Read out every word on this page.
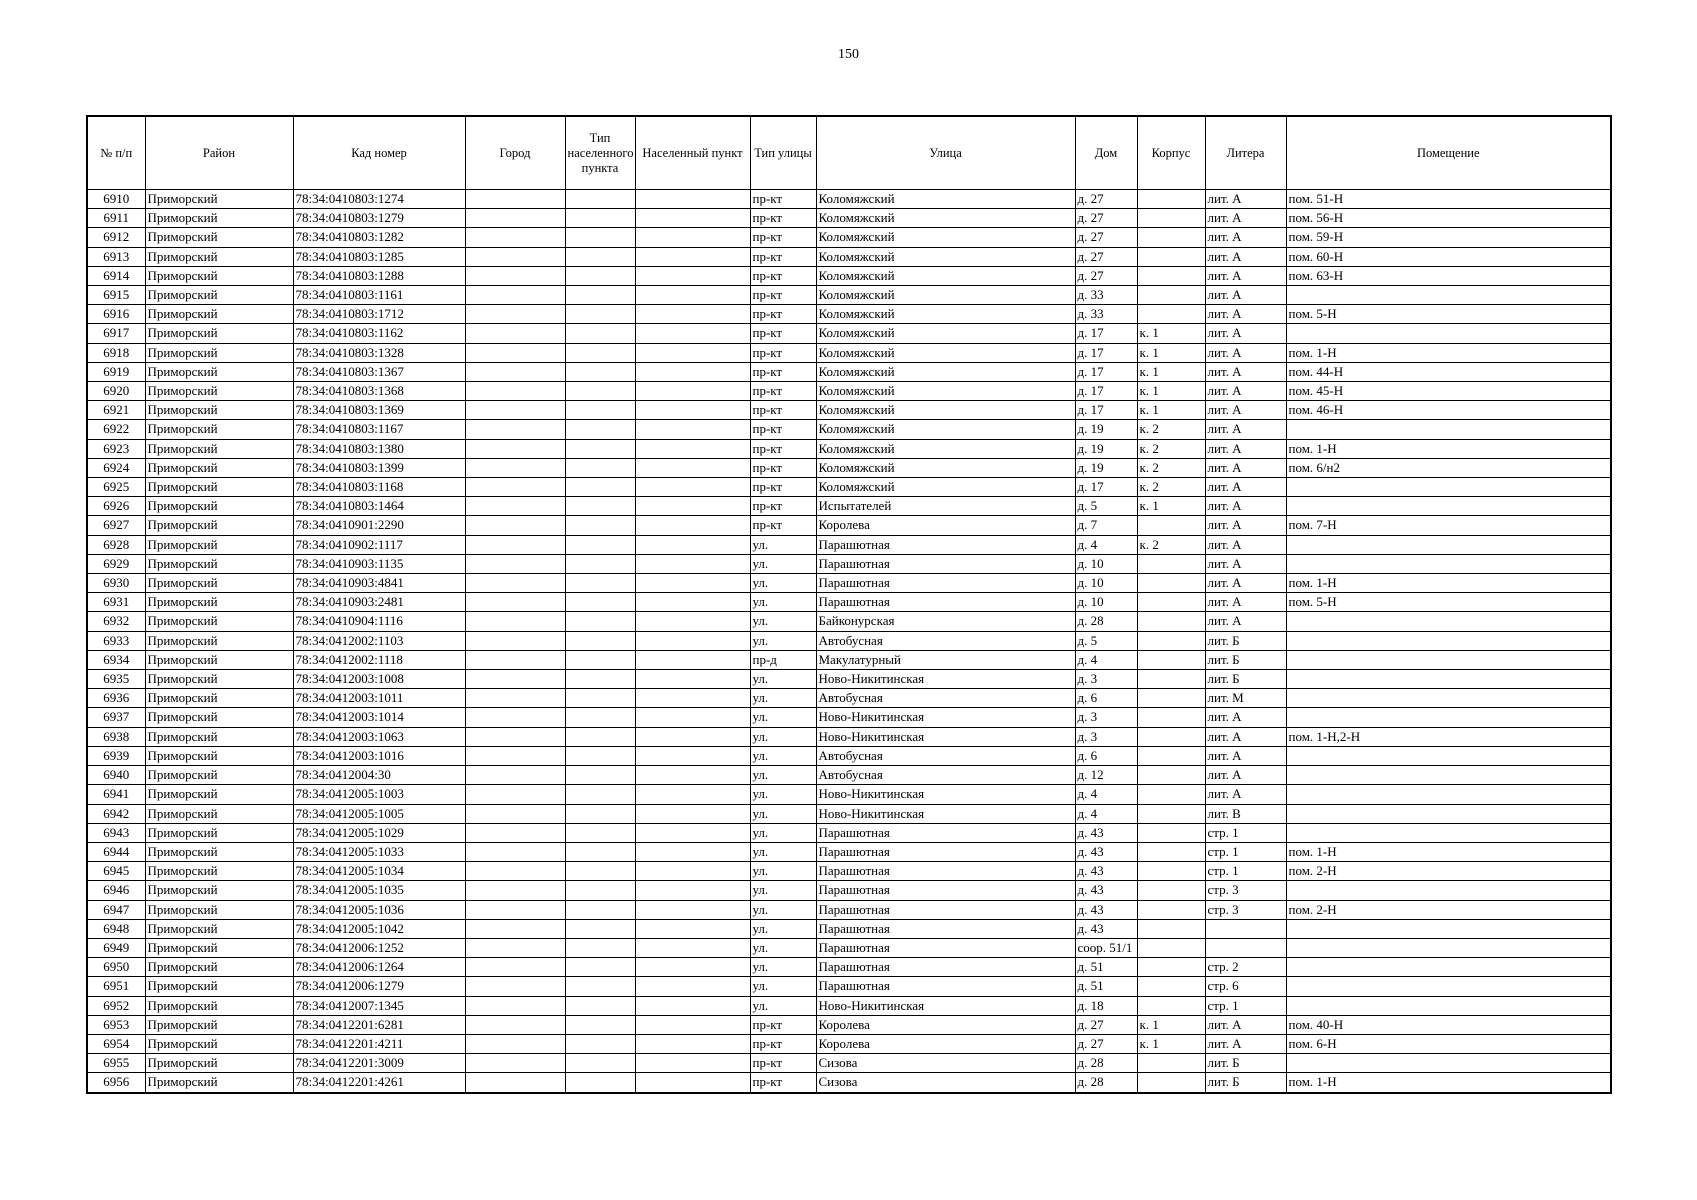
150
№ п/п	Район	Кад номер	Город	Тип населенного пункта	Населенный пункт	Тип улицы	Улица	Дом	Корпус	Литера	Помещение
6910	Приморский	78:34:0410803:1274				пр-кт	Коломяжский	д. 27		лит. А	пом. 51-Н
6911	Приморский	78:34:0410803:1279				пр-кт	Коломяжский	д. 27		лит. А	пом. 56-Н
6912	Приморский	78:34:0410803:1282				пр-кт	Коломяжский	д. 27		лит. А	пом. 59-Н
6913	Приморский	78:34:0410803:1285				пр-кт	Коломяжский	д. 27		лит. А	пом. 60-Н
6914	Приморский	78:34:0410803:1288				пр-кт	Коломяжский	д. 27		лит. А	пом. 63-Н
6915	Приморский	78:34:0410803:1161				пр-кт	Коломяжский	д. 33		лит. А	
6916	Приморский	78:34:0410803:1712				пр-кт	Коломяжский	д. 33		лит. А	пом. 5-Н
6917	Приморский	78:34:0410803:1162				пр-кт	Коломяжский	д. 17	к. 1	лит. А	
6918	Приморский	78:34:0410803:1328				пр-кт	Коломяжский	д. 17	к. 1	лит. А	пом. 1-Н
6919	Приморский	78:34:0410803:1367				пр-кт	Коломяжский	д. 17	к. 1	лит. А	пом. 44-Н
6920	Приморский	78:34:0410803:1368				пр-кт	Коломяжский	д. 17	к. 1	лит. А	пом. 45-Н
6921	Приморский	78:34:0410803:1369				пр-кт	Коломяжский	д. 17	к. 1	лит. А	пом. 46-Н
6922	Приморский	78:34:0410803:1167				пр-кт	Коломяжский	д. 19	к. 2	лит. А	
6923	Приморский	78:34:0410803:1380				пр-кт	Коломяжский	д. 19	к. 2	лит. А	пом. 1-Н
6924	Приморский	78:34:0410803:1399				пр-кт	Коломяжский	д. 19	к. 2	лит. А	пом. 6/н2
6925	Приморский	78:34:0410803:1168				пр-кт	Коломяжский	д. 17	к. 2	лит. А	
6926	Приморский	78:34:0410803:1464				пр-кт	Испытателей	д. 5	к. 1	лит. А	
6927	Приморский	78:34:0410901:2290				пр-кт	Королева	д. 7		лит. А	пом. 7-Н
6928	Приморский	78:34:0410902:1117				ул.	Парашютная	д. 4	к. 2	лит. А	
6929	Приморский	78:34:0410903:1135				ул.	Парашютная	д. 10		лит. А	
6930	Приморский	78:34:0410903:4841				ул.	Парашютная	д. 10		лит. А	пом. 1-Н
6931	Приморский	78:34:0410903:2481				ул.	Парашютная	д. 10		лит. А	пом. 5-Н
6932	Приморский	78:34:0410904:1116				ул.	Байконурская	д. 28		лит. А	
6933	Приморский	78:34:0412002:1103				ул.	Автобусная	д. 5		лит. Б	
6934	Приморский	78:34:0412002:1118				пр-д	Макулатурный	д. 4		лит. Б	
6935	Приморский	78:34:0412003:1008				ул.	Ново-Никитинская	д. 3		лит. Б	
6936	Приморский	78:34:0412003:1011				ул.	Автобусная	д. 6		лит. М	
6937	Приморский	78:34:0412003:1014				ул.	Ново-Никитинская	д. 3		лит. А	
6938	Приморский	78:34:0412003:1063				ул.	Ново-Никитинская	д. 3		лит. А	пом. 1-Н,2-Н
6939	Приморский	78:34:0412003:1016				ул.	Автобусная	д. 6		лит. А	
6940	Приморский	78:34:0412004:30				ул.	Автобусная	д. 12		лит. А	
6941	Приморский	78:34:0412005:1003				ул.	Ново-Никитинская	д. 4		лит. А	
6942	Приморский	78:34:0412005:1005				ул.	Ново-Никитинская	д. 4		лит. В	
6943	Приморский	78:34:0412005:1029				ул.	Парашютная	д. 43		стр. 1	
6944	Приморский	78:34:0412005:1033				ул.	Парашютная	д. 43		стр. 1	пом. 1-Н
6945	Приморский	78:34:0412005:1034				ул.	Парашютная	д. 43		стр. 1	пом. 2-Н
6946	Приморский	78:34:0412005:1035				ул.	Парашютная	д. 43		стр. 3	
6947	Приморский	78:34:0412005:1036				ул.	Парашютная	д. 43		стр. 3	пом. 2-Н
6948	Приморский	78:34:0412005:1042				ул.	Парашютная	д. 43			
6949	Приморский	78:34:0412006:1252				ул.	Парашютная	соор. 51/1			
6950	Приморский	78:34:0412006:1264				ул.	Парашютная	д. 51		стр. 2	
6951	Приморский	78:34:0412006:1279				ул.	Парашютная	д. 51		стр. 6	
6952	Приморский	78:34:0412007:1345				ул.	Ново-Никитинская	д. 18		стр. 1	
6953	Приморский	78:34:0412201:6281				пр-кт	Королева	д. 27	к. 1	лит. А	пом. 40-Н
6954	Приморский	78:34:0412201:4211				пр-кт	Королева	д. 27	к. 1	лит. А	пом. 6-Н
6955	Приморский	78:34:0412201:3009				пр-кт	Сизова	д. 28		лит. Б	
6956	Приморский	78:34:0412201:4261				пр-кт	Сизова	д. 28		лит. Б	пом. 1-Н
